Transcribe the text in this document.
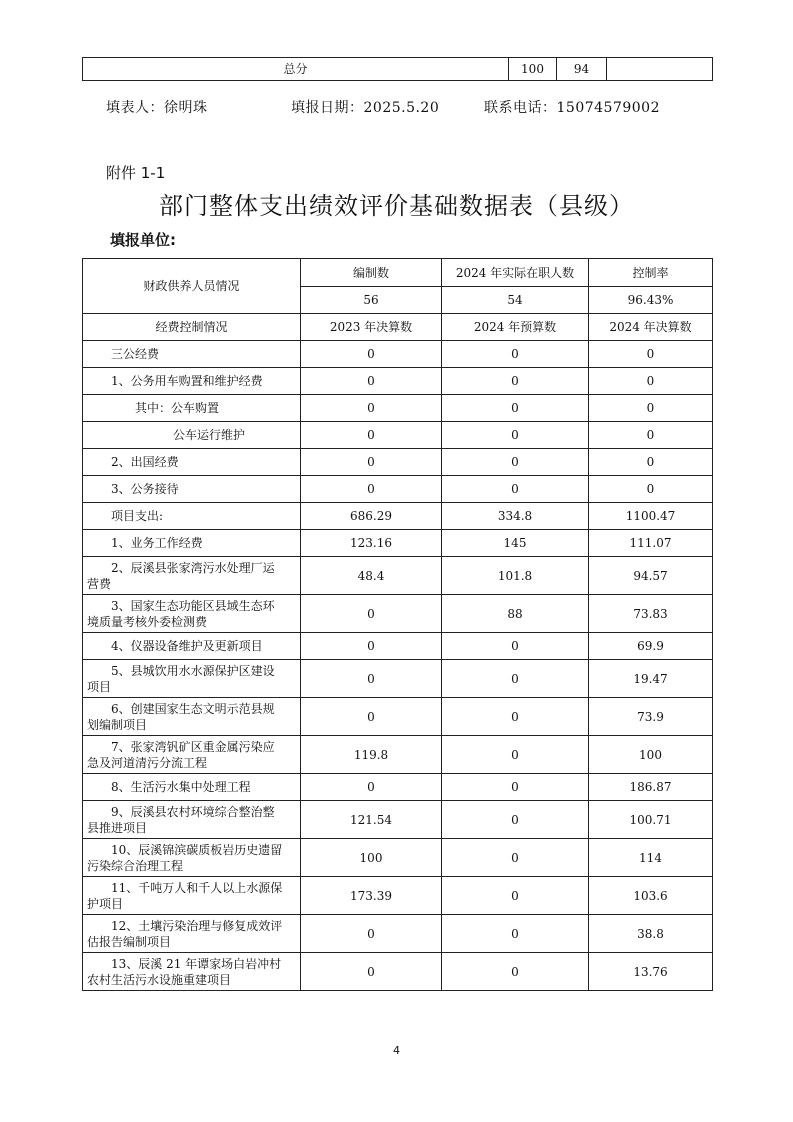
总分	100	94	
填表人：徐明珠	填报日期：2025.5.20	联系电话：15074579002
附件 1-1
部门整体支出绩效评价基础数据表（县级）
填报单位:
财政供养人员情况	编制数	2024 年实际在职人数	控制率
	56	54	96.43%
经费控制情况	2023 年决算数	2024 年预算数	2024 年决算数
三公经费	0	0	0
1、公务用车购置和维护经费	0	0	0
其中：公车购置	0	0	0
公车运行维护	0	0	0
2、出国经费	0	0	0
3、公务接待	0	0	0
项目支出:	686.29	334.8	1100.47
1、业务工作经费	123.16	145	111.07

2、辰溪县张家湾污水处理厂运
营费	48.4	101.8	94.57

3、国家生态功能区县域生态环
境质量考核外委检测费	0	88	73.83
4、仪器设备维护及更新项目	0	0	69.9

5、县城饮用水水源保护区建设
项目	0	0	19.47

6、创建国家生态文明示范县规
划编制项目	0	0	73.9

7、张家湾钒矿区重金属污染应
急及河道清污分流工程	119.8	0	100
8、生活污水集中处理工程	0	0	186.87

9、辰溪县农村环境综合整治整
县推进项目	121.54	0	100.71

10、辰溪锦滨碳质板岩历史遗留
污染综合治理工程	100	0	114

11、千吨万人和千人以上水源保
护项目	173.39	0	103.6

12、土壤污染治理与修复成效评
估报告编制项目	0	0	38.8

13、辰溪 21 年谭家场白岩冲村
农村生活污水设施重建项目	0	0	13.76
4
